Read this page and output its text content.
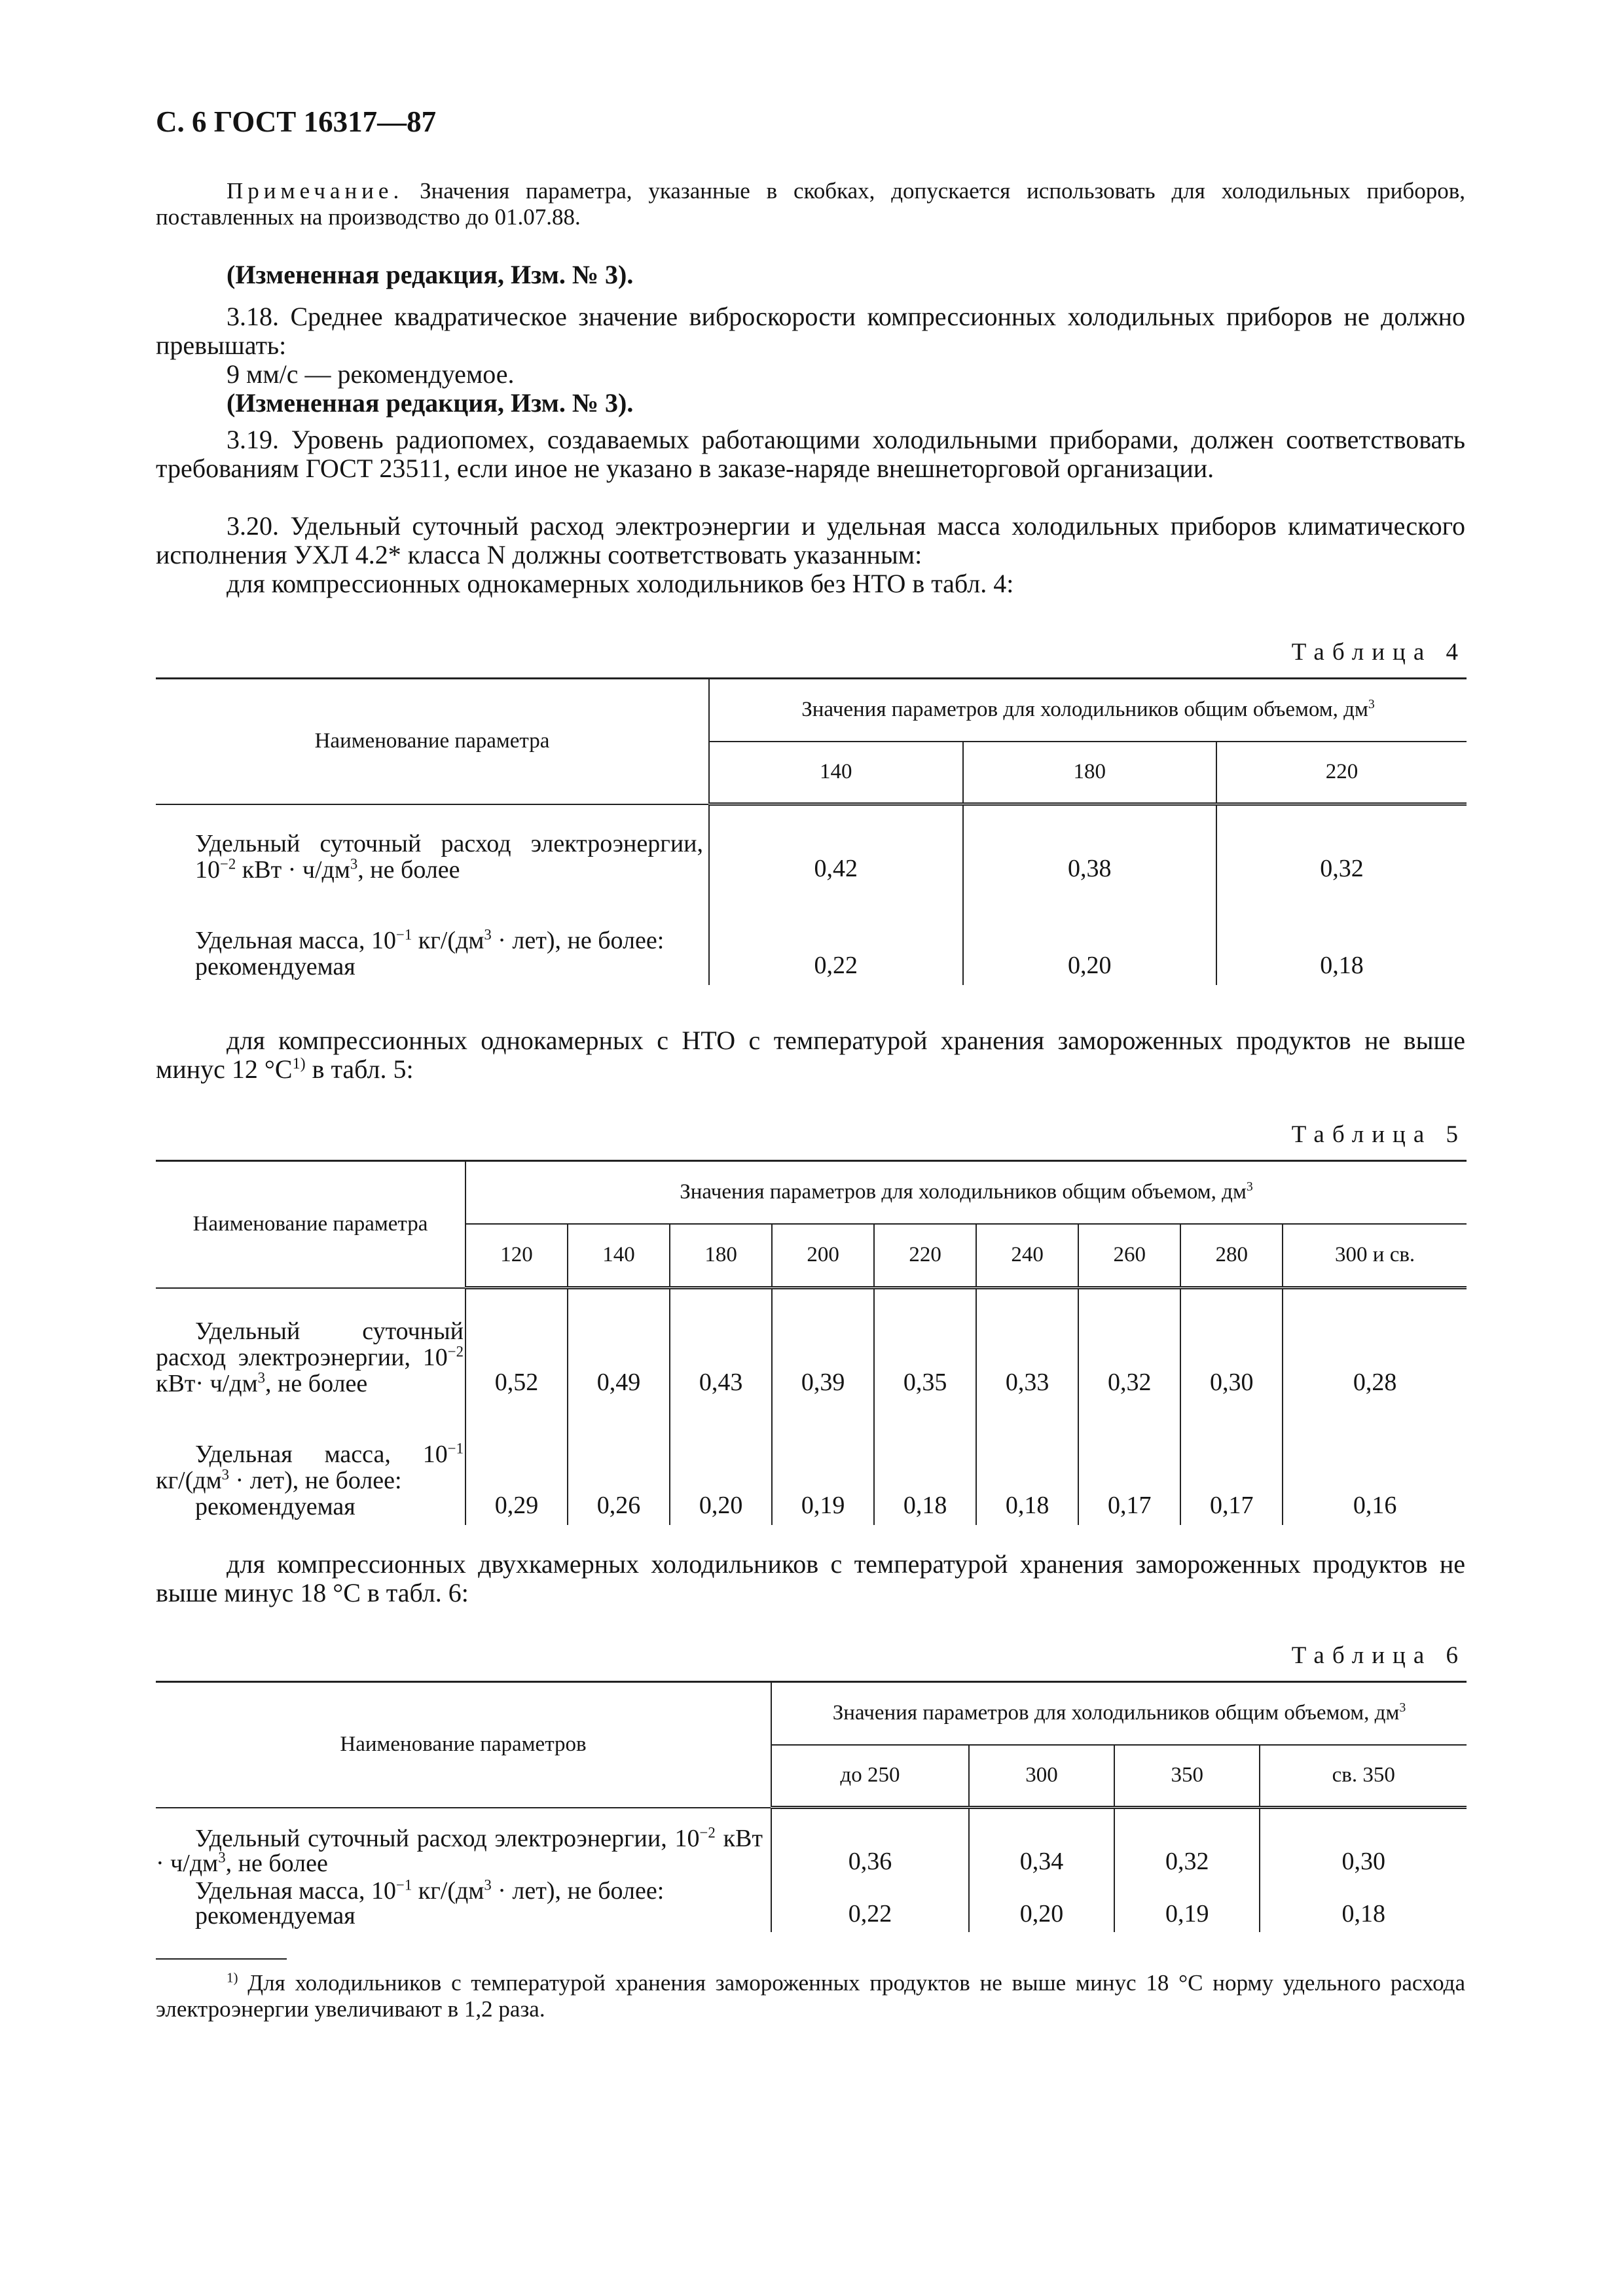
С. 6 ГОСТ 16317—87
Примечание. Значения параметра, указанные в скобках, допускается использовать для холодильных приборов, поставленных на производство до 01.07.88.
(Измененная редакция, Изм. № 3).
3.18. Среднее квадратическое значение виброскорости компрессионных холодильных приборов не должно превышать:
9 мм/с — рекомендуемое.
(Измененная редакция, Изм. № 3).
3.19. Уровень радиопомех, создаваемых работающими холодильными приборами, должен соответствовать требованиям ГОСТ 23511, если иное не указано в заказе-наряде внешнеторговой организации.
3.20. Удельный суточный расход электроэнергии и удельная масса холодильных приборов климатического исполнения УХЛ 4.2* класса N должны соответствовать указанным:
для компрессионных однокамерных холодильников без НТО в табл. 4:
Таблица 4
Наименование параметра	Значения параметров для холодильников общим объемом, $дм^3$
	140	180	220
Удельный суточный расход электроэнергии, $10^{-2}$ кВт · $ч/дм^3$, не более	0,42	0,38	0,32

Удельная масса, $10^{-1}$ $кг/(дм^3 \cdot лет)$, не более:
рекомендуемая	0,22	0,20	0,18
для компрессионных однокамерных с НТО с температурой хранения замороженных продуктов не выше минус 12 $^\circ С^{1)}$ в табл. 5:
Таблица 5
Наименование параметра	Значения параметров для холодильников общим объемом, $дм^3$
	120	140	180	200	220	240	260	280	300 и св.

Удельный суточный расход электроэнергии, $10^{-2}$ $кВт\cdot ч/дм^3$, не более	0,52	0,49	0,43	0,39	0,35	0,33	0,32	0,30	0,28

Удельная масса, $10^{-1}$ $кг/(дм^3 \cdot лет)$, не более:
рекомендуемая	0,29	0,26	0,20	0,19	0,18	0,18	0,17	0,17	0,16
для компрессионных двухкамерных холодильников с температурой хранения замороженных продуктов не выше минус 18 °С в табл. 6:
Таблица 6
Наименование параметров	Значения параметров для холодильников общим объемом, $дм^3$
	до 250	300	350	св. 350

Удельный суточный расход электроэнергии, $10^{-2}$ кВт · $ч/дм^3$, не более	0,36	0,34	0,32	0,30

Удельная масса, $10^{-1}$ $кг/(дм^3 \cdot лет)$, не более:
рекомендуемая	0,22	0,20	0,19	0,18
$^{1)}$ Для холодильников с температурой хранения замороженных продуктов не выше минус 18 °С норму удельного расхода электроэнергии увеличивают в 1,2 раза.
